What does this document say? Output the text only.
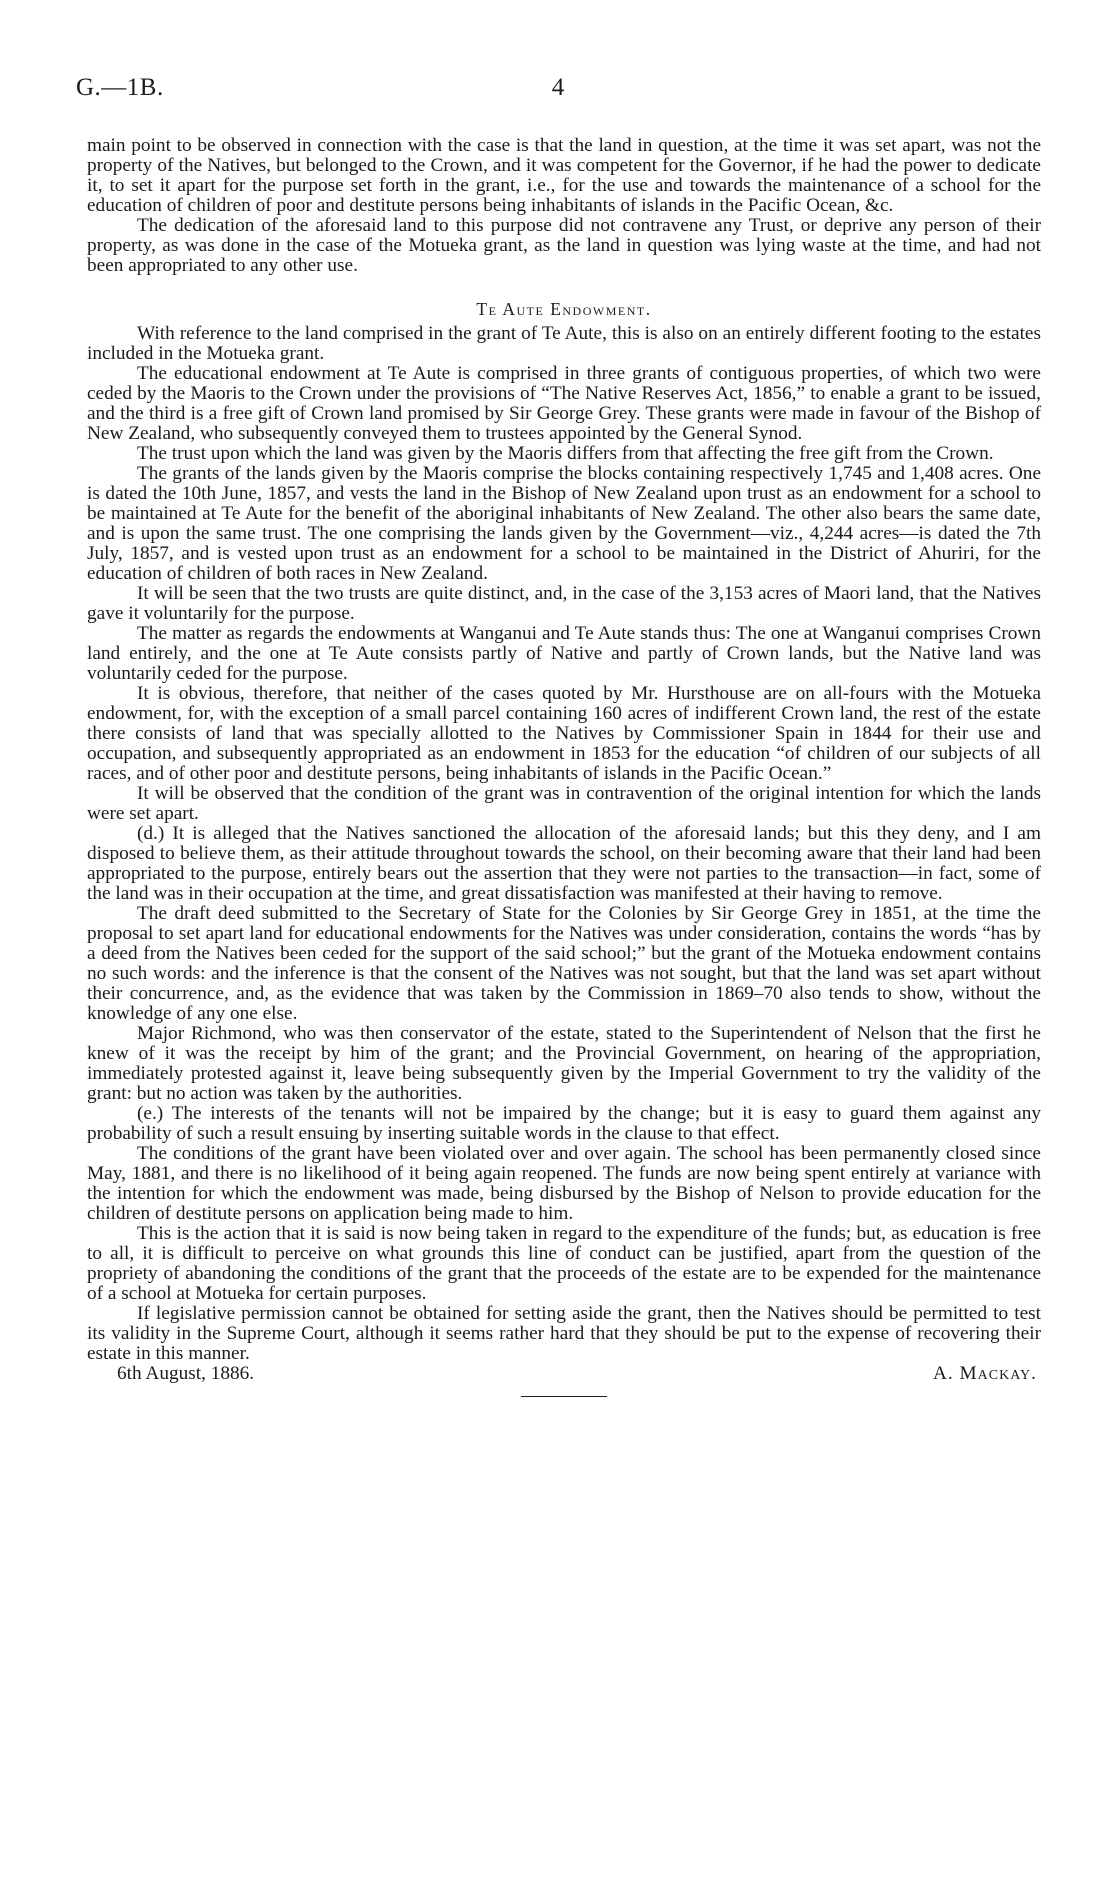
G.—1B.	4

main point to be observed in connection with the case is that the land in question, at the time it was set apart, was not the property of the Natives, but belonged to the Crown, and it was competent for the Governor, if he had the power to dedicate it, to set it apart for the purpose set forth in the grant, i.e., for the use and towards the maintenance of a school for the education of children of poor and destitute persons being inhabitants of islands in the Pacific Ocean, &c.

The dedication of the aforesaid land to this purpose did not contravene any Trust, or deprive any person of their property, as was done in the case of the Motueka grant, as the land in question was lying waste at the time, and had not been appropriated to any other use.

Te Aute Endowment.

With reference to the land comprised in the grant of Te Aute, this is also on an entirely different footing to the estates included in the Motueka grant.

The educational endowment at Te Aute is comprised in three grants of contiguous properties, of which two were ceded by the Maoris to the Crown under the provisions of “The Native Reserves Act, 1856,” to enable a grant to be issued, and the third is a free gift of Crown land promised by Sir George Grey. These grants were made in favour of the Bishop of New Zealand, who subsequently conveyed them to trustees appointed by the General Synod.

The trust upon which the land was given by the Maoris differs from that affecting the free gift from the Crown.

The grants of the lands given by the Maoris comprise the blocks containing respectively 1,745 and 1,408 acres. One is dated the 10th June, 1857, and vests the land in the Bishop of New Zealand upon trust as an endowment for a school to be maintained at Te Aute for the benefit of the aboriginal inhabitants of New Zealand. The other also bears the same date, and is upon the same trust. The one comprising the lands given by the Government—viz., 4,244 acres—is dated the 7th July, 1857, and is vested upon trust as an endowment for a school to be maintained in the District of Ahuriri, for the education of children of both races in New Zealand.

It will be seen that the two trusts are quite distinct, and, in the case of the 3,153 acres of Maori land, that the Natives gave it voluntarily for the purpose.

The matter as regards the endowments at Wanganui and Te Aute stands thus: The one at Wanganui comprises Crown land entirely, and the one at Te Aute consists partly of Native and partly of Crown lands, but the Native land was voluntarily ceded for the purpose.

It is obvious, therefore, that neither of the cases quoted by Mr. Hursthouse are on all-fours with the Motueka endowment, for, with the exception of a small parcel containing 160 acres of indifferent Crown land, the rest of the estate there consists of land that was specially allotted to the Natives by Commissioner Spain in 1844 for their use and occupation, and subsequently appropriated as an endowment in 1853 for the education “of children of our subjects of all races, and of other poor and destitute persons, being inhabitants of islands in the Pacific Ocean.”

It will be observed that the condition of the grant was in contravention of the original intention for which the lands were set apart.

(d.) It is alleged that the Natives sanctioned the allocation of the aforesaid lands; but this they deny, and I am disposed to believe them, as their attitude throughout towards the school, on their becoming aware that their land had been appropriated to the purpose, entirely bears out the assertion that they were not parties to the transaction—in fact, some of the land was in their occupation at the time, and great dissatisfaction was manifested at their having to remove.

The draft deed submitted to the Secretary of State for the Colonies by Sir George Grey in 1851, at the time the proposal to set apart land for educational endowments for the Natives was under consideration, contains the words “has by a deed from the Natives been ceded for the support of the said school;” but the grant of the Motueka endowment contains no such words: and the inference is that the consent of the Natives was not sought, but that the land was set apart without their concurrence, and, as the evidence that was taken by the Commission in 1869–70 also tends to show, without the knowledge of any one else.

Major Richmond, who was then conservator of the estate, stated to the Superintendent of Nelson that the first he knew of it was the receipt by him of the grant; and the Provincial Government, on hearing of the appropriation, immediately protested against it, leave being subsequently given by the Imperial Government to try the validity of the grant: but no action was taken by the authorities.

(e.) The interests of the tenants will not be impaired by the change; but it is easy to guard them against any probability of such a result ensuing by inserting suitable words in the clause to that effect.

The conditions of the grant have been violated over and over again. The school has been permanently closed since May, 1881, and there is no likelihood of it being again reopened. The funds are now being spent entirely at variance with the intention for which the endowment was made, being disbursed by the Bishop of Nelson to provide education for the children of destitute persons on application being made to him.

This is the action that it is said is now being taken in regard to the expenditure of the funds; but, as education is free to all, it is difficult to perceive on what grounds this line of conduct can be justified, apart from the question of the propriety of abandoning the conditions of the grant that the proceeds of the estate are to be expended for the maintenance of a school at Motueka for certain purposes.

If legislative permission cannot be obtained for setting aside the grant, then the Natives should be permitted to test its validity in the Supreme Court, although it seems rather hard that they should be put to the expense of recovering their estate in this manner.

6th August, 1886.	A. Mackay.
